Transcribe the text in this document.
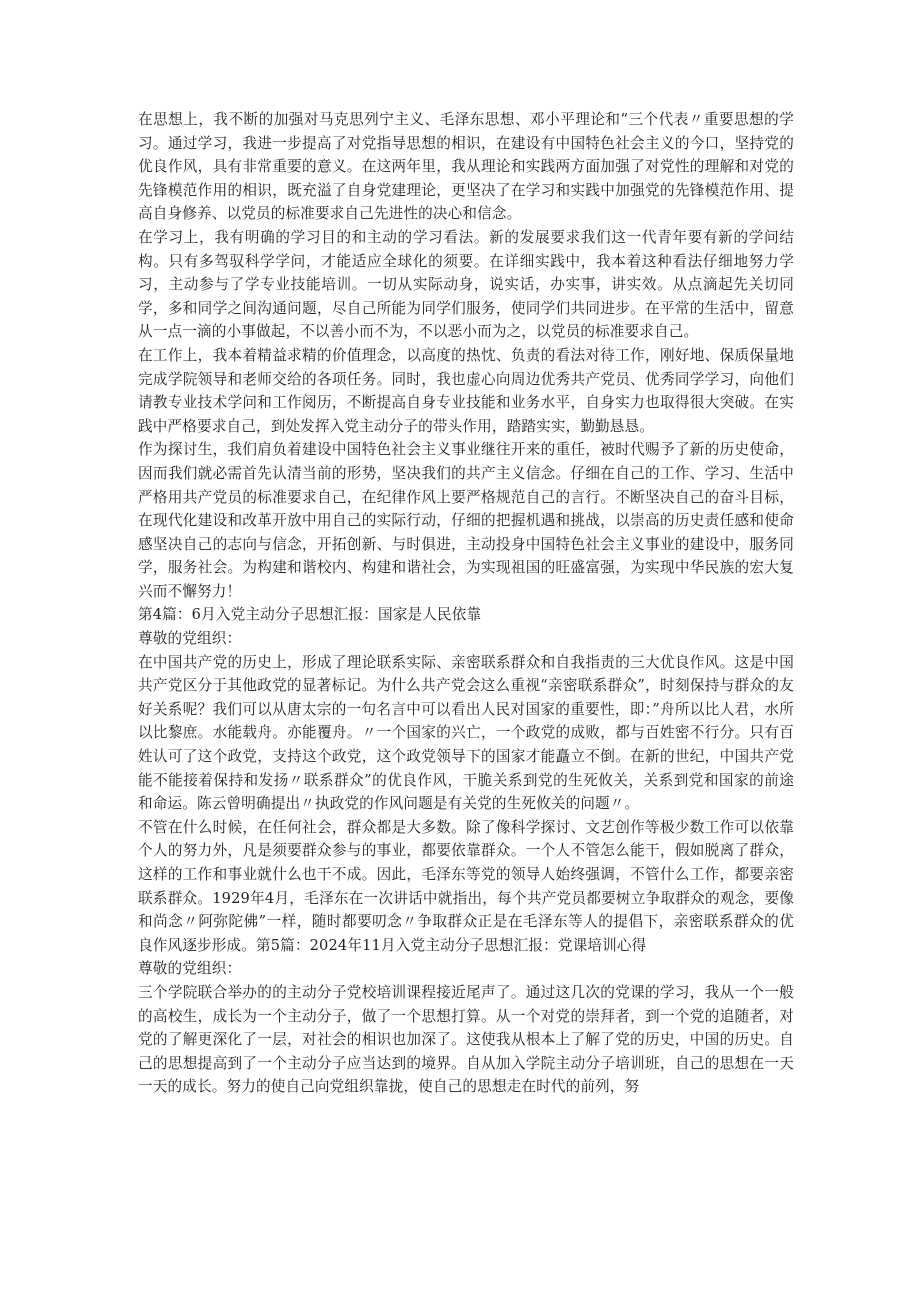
在思想上，我不断的加强对马克思列宁主义、毛泽东思想、邓小平理论和“三个代表〃重要思想的学习。通过学习，我进一步提高了对党指导思想的相识，在建设有中国特色社会主义的今口，坚持党的优良作风，具有非常重要的意义。在这两年里，我从理论和实践两方面加强了对党性的理解和对党的先锋模范作用的相识，既充溢了自身党建理论，更坚决了在学习和实践中加强党的先锋模范作用、提高自身修养、以党员的标准要求自己先进性的决心和信念。

在学习上，我有明确的学习目的和主动的学习看法。新的发展要求我们这一代青年要有新的学问结构。只有多驾驭科学学问，才能适应全球化的须要。在详细实践中，我本着这种看法仔细地努力学习，主动参与了学专业技能培训。一切从实际动身，说实话，办实事，讲实效。从点滴起先关切同学，多和同学之间沟通问题，尽自己所能为同学们服务，使同学们共同进步。在平常的生活中，留意从一点一滴的小事做起，不以善小而不为，不以恶小而为之，以党员的标准要求自己。

在工作上，我本着精益求精的价值理念，以高度的热忱、负责的看法对待工作，刚好地、保质保量地完成学院领导和老师交给的各项任务。同时，我也虚心向周边优秀共产党员、优秀同学学习，向他们请教专业技术学问和工作阅历，不断提高自身专业技能和业务水平，自身实力也取得很大突破。在实践中严格要求自己，到处发挥入党主动分子的带头作用，踏踏实实，勤勤恳恳。

作为探讨生，我们肩负着建设中国特色社会主义事业继往开来的重任，被时代赐予了新的历史使命，因而我们就必需首先认清当前的形势，坚决我们的共产主义信念。仔细在自己的工作、学习、生活中严格用共产党员的标准要求自己，在纪律作风上要严格规范自己的言行。不断坚决自己的奋斗目标，在现代化建设和改革开放中用自己的实际行动，仔细的把握机遇和挑战，以崇高的历史责任感和使命感坚决自己的志向与信念，开拓创新、与时俱进，主动投身中国特色社会主义事业的建设中，服务同学，服务社会。为构建和谐校内、构建和谐社会，为实现祖国的旺盛富强，为实现中华民族的宏大复兴而不懈努力！

第4篇：6月入党主动分子思想汇报：国家是人民依靠

尊敬的党组织：

在中国共产党的历史上，形成了理论联系实际、亲密联系群众和自我指责的三大优良作风。这是中国共产党区分于其他政党的显著标记。为什么共产党会这么重视“亲密联系群众”，时刻保持与群众的友好关系呢？我们可以从唐太宗的一句名言中可以看出人民对国家的重要性，即：”舟所以比人君，水所以比黎庶。水能载舟。亦能覆舟。〃一个国家的兴亡，一个政党的成败，都与百姓密不行分。只有百姓认可了这个政党，支持这个政党，这个政党领导下的国家才能矗立不倒。在新的世纪，中国共产党能不能接着保持和发扬〃联系群众”的优良作风，干脆关系到党的生死攸关，关系到党和国家的前途和命运。陈云曾明确提出〃执政党的作风问题是有关党的生死攸关的问题〃。

不管在什么时候，在任何社会，群众都是大多数。除了像科学探讨、文艺创作等极少数工作可以依靠个人的努力外，凡是须要群众参与的事业，都要依靠群众。一个人不管怎么能干，假如脱离了群众，这样的工作和事业就什么也干不成。因此，毛泽东等党的领导人始终强调，不管什么工作，都要亲密联系群众。1929年4月，毛泽东在一次讲话中就指出，每个共产党员都要树立争取群众的观念，要像和尚念〃阿弥陀佛”一样，随时都要叨念〃争取群众正是在毛泽东等人的提倡下，亲密联系群众的优良作风逐步形成。第5篇：2024年11月入党主动分子思想汇报：党课培训心得

尊敬的党组织：

三个学院联合举办的的主动分子党校培训课程接近尾声了。通过这几次的党课的学习，我从一个一般的高校生，成长为一个主动分子，做了一个思想打算。从一个对党的崇拜者，到一个党的追随者，对党的了解更深化了一层，对社会的相识也加深了。这使我从根本上了解了党的历史，中国的历史。自己的思想提高到了一个主动分子应当达到的境界。自从加入学院主动分子培训班，自己的思想在一天一天的成长。努力的使自己向党组织靠拢，使自己的思想走在时代的前列，努
